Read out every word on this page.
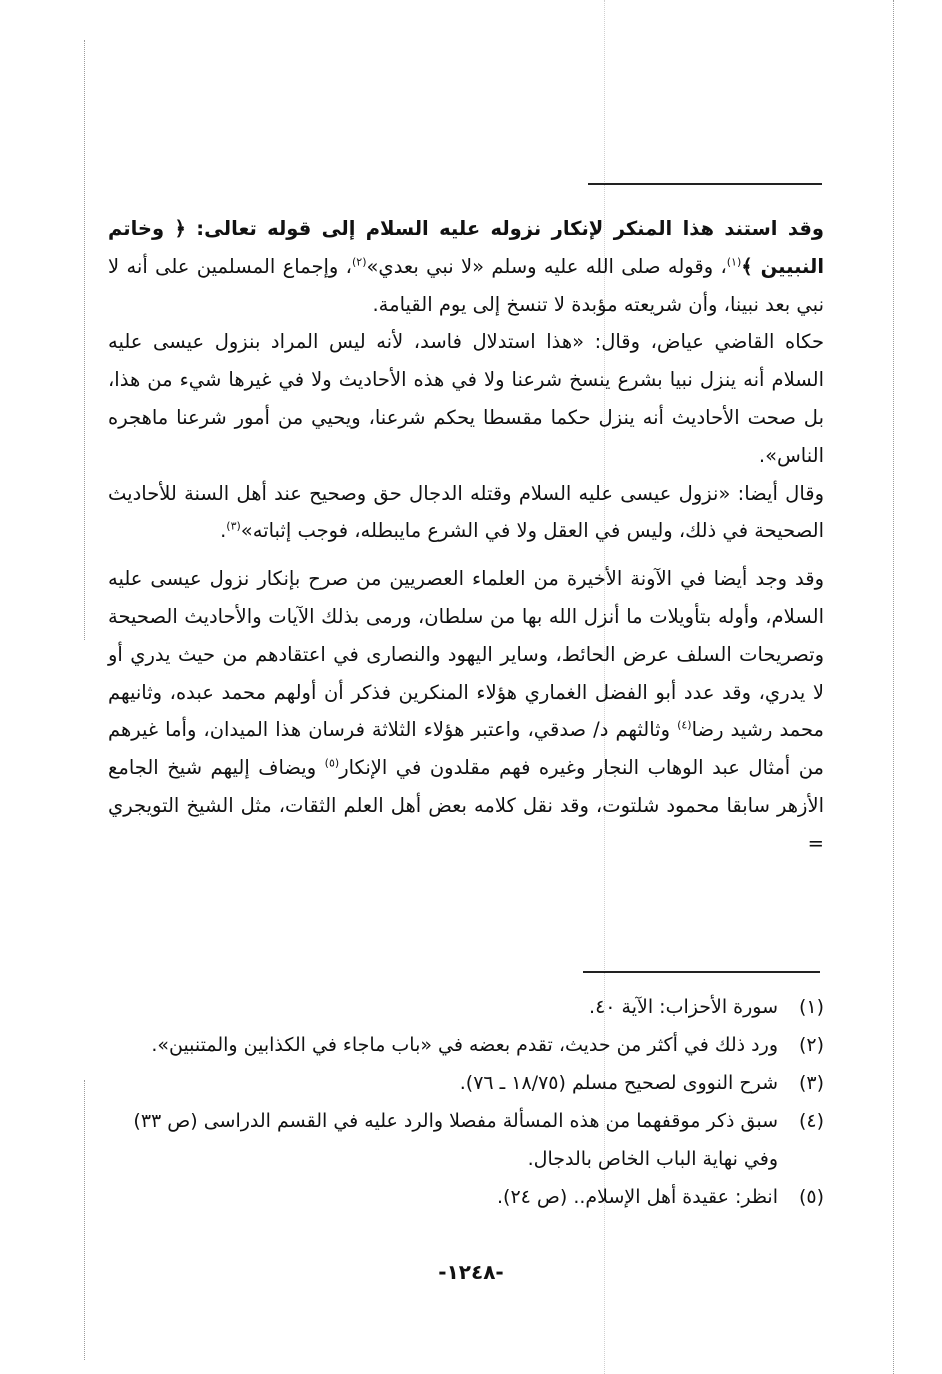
وقد استند هذا المنكر لإنكار نزوله عليه السلام إلى قوله تعالى: ﴿ وخاتم النبيين ﴾$^{(١)}$، وقوله صلى الله عليه وسلم «لا نبي بعدي»$^{(٢)}$، وإجماع المسلمين على أنه لا نبي بعد نبينا، وأن شريعته مؤبدة لا تنسخ إلى يوم القيامة.

حكاه القاضي عياض، وقال: «هذا استدلال فاسد، لأنه ليس المراد بنزول عيسى عليه السلام أنه ينزل نبيا بشرع ينسخ شرعنا ولا في هذه الأحاديث ولا في غيرها شيء من هذا، بل صحت الأحاديث أنه ينزل حكما مقسطا يحكم شرعنا، ويحيي من أمور شرعنا ماهجره الناس».

وقال أيضا: «نزول عيسى عليه السلام وقتله الدجال حق وصحيح عند أهل السنة للأحاديث الصحيحة في ذلك، وليس في العقل ولا في الشرع مايبطله، فوجب إثباته»$^{(٣)}$.

وقد وجد أيضا في الآونة الأخيرة من العلماء العصريين من صرح بإنكار نزول عيسى عليه السلام، وأوله بتأويلات ما أنزل الله بها من سلطان، ورمى بذلك الآيات والأحاديث الصحيحة وتصريحات السلف عرض الحائط، وساير اليهود والنصارى في اعتقادهم من حيث يدري أو لا يدري، وقد عدد أبو الفضل الغماري هؤلاء المنكرين فذكر أن أولهم محمد عبده، وثانيهم محمد رشيد رضا$^{(٤)}$ وثالثهم د/ صدقي، واعتبر هؤلاء الثلاثة فرسان هذا الميدان، وأما غيرهم من أمثال عبد الوهاب النجار وغيره فهم مقلدون في الإنكار$^{(٥)}$ ويضاف إليهم شيخ الجامع الأزهر سابقا محمود شلتوت، وقد نقل كلامه بعض أهل العلم الثقات، مثل الشيخ التويجري =

(١)
سورة الأحزاب: الآية ٤٠.
(٢)
ورد ذلك في أكثر من حديث، تقدم بعضه في «باب ماجاء في الكذابين والمتنبين».
(٣)
شرح النووى لصحيح مسلم (١٨/٧٥ ـ ٧٦).
(٤)
سبق ذكر موقفهما من هذه المسألة مفصلا والرد عليه في القسم الدراسى (ص ٣٣) وفي نهاية الباب الخاص بالدجال.
(٥)
انظر: عقيدة أهل الإسلام.. (ص ٢٤).
-١٢٤٨-
